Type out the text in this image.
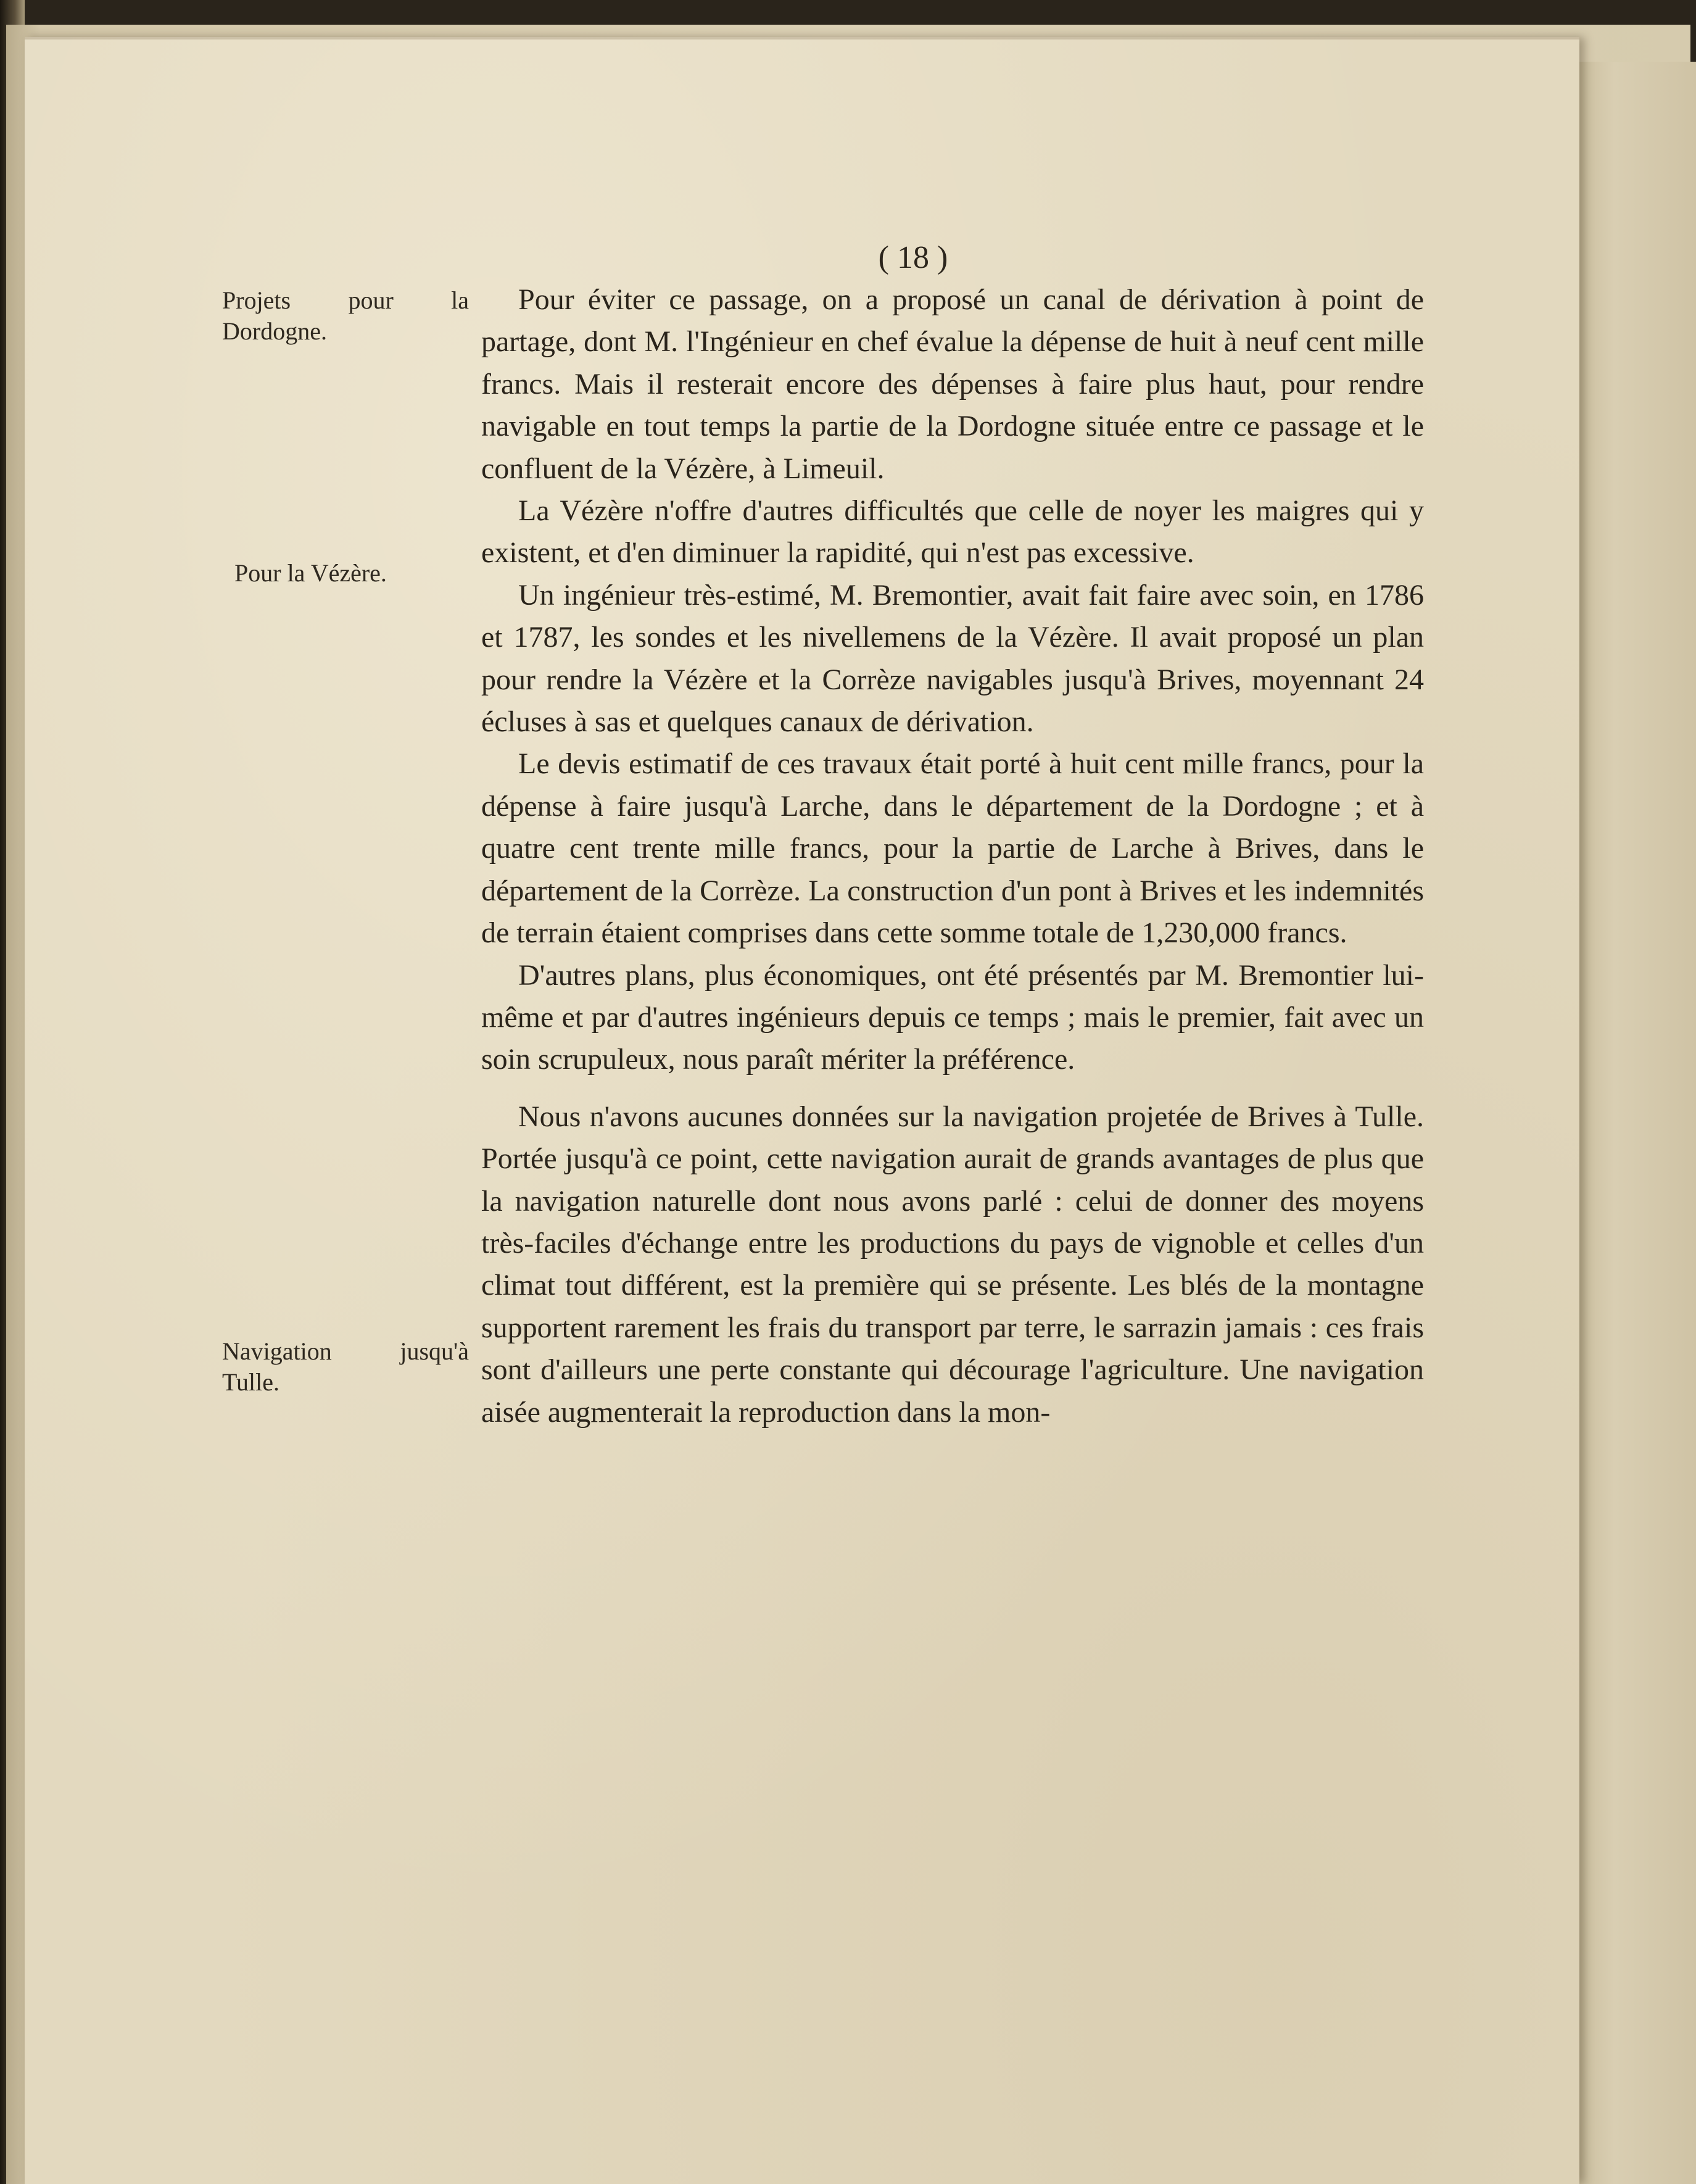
( 18 )
Projets pour la Dordogne.
Pour la Vézère.
Navigation jusqu'à Tulle.

Pour éviter ce passage, on a proposé un canal de dérivation à point de partage, dont M. l'Ingénieur en chef évalue la dépense de huit à neuf cent mille francs. Mais il resterait encore des dépenses à faire plus haut, pour rendre navigable en tout temps la partie de la Dordogne située entre ce passage et le confluent de la Vézère, à Limeuil.

La Vézère n'offre d'autres difficultés que celle de noyer les maigres qui y existent, et d'en diminuer la rapidité, qui n'est pas excessive.

Un ingénieur très-estimé, M. Bremontier, avait fait faire avec soin, en 1786 et 1787, les sondes et les nivellemens de la Vézère. Il avait proposé un plan pour rendre la Vézère et la Corrèze navigables jusqu'à Brives, moyennant 24 écluses à sas et quelques canaux de dérivation.

Le devis estimatif de ces travaux était porté à huit cent mille francs, pour la dépense à faire jusqu'à Larche, dans le département de la Dordogne ; et à quatre cent trente mille francs, pour la partie de Larche à Brives, dans le département de la Corrèze. La construction d'un pont à Brives et les indemnités de terrain étaient comprises dans cette somme totale de 1,230,000 francs.

D'autres plans, plus économiques, ont été présentés par M. Bremontier lui-même et par d'autres ingénieurs depuis ce temps ; mais le premier, fait avec un soin scrupuleux, nous paraît mériter la préférence.

Nous n'avons aucunes données sur la navigation projetée de Brives à Tulle. Portée jusqu'à ce point, cette navigation aurait de grands avantages de plus que la navigation naturelle dont nous avons parlé : celui de donner des moyens très-faciles d'échange entre les productions du pays de vignoble et celles d'un climat tout différent, est la première qui se présente. Les blés de la montagne supportent rarement les frais du transport par terre, le sarrazin jamais : ces frais sont d'ailleurs une perte constante qui décourage l'agriculture. Une navigation aisée augmenterait la reproduction dans la mon-
